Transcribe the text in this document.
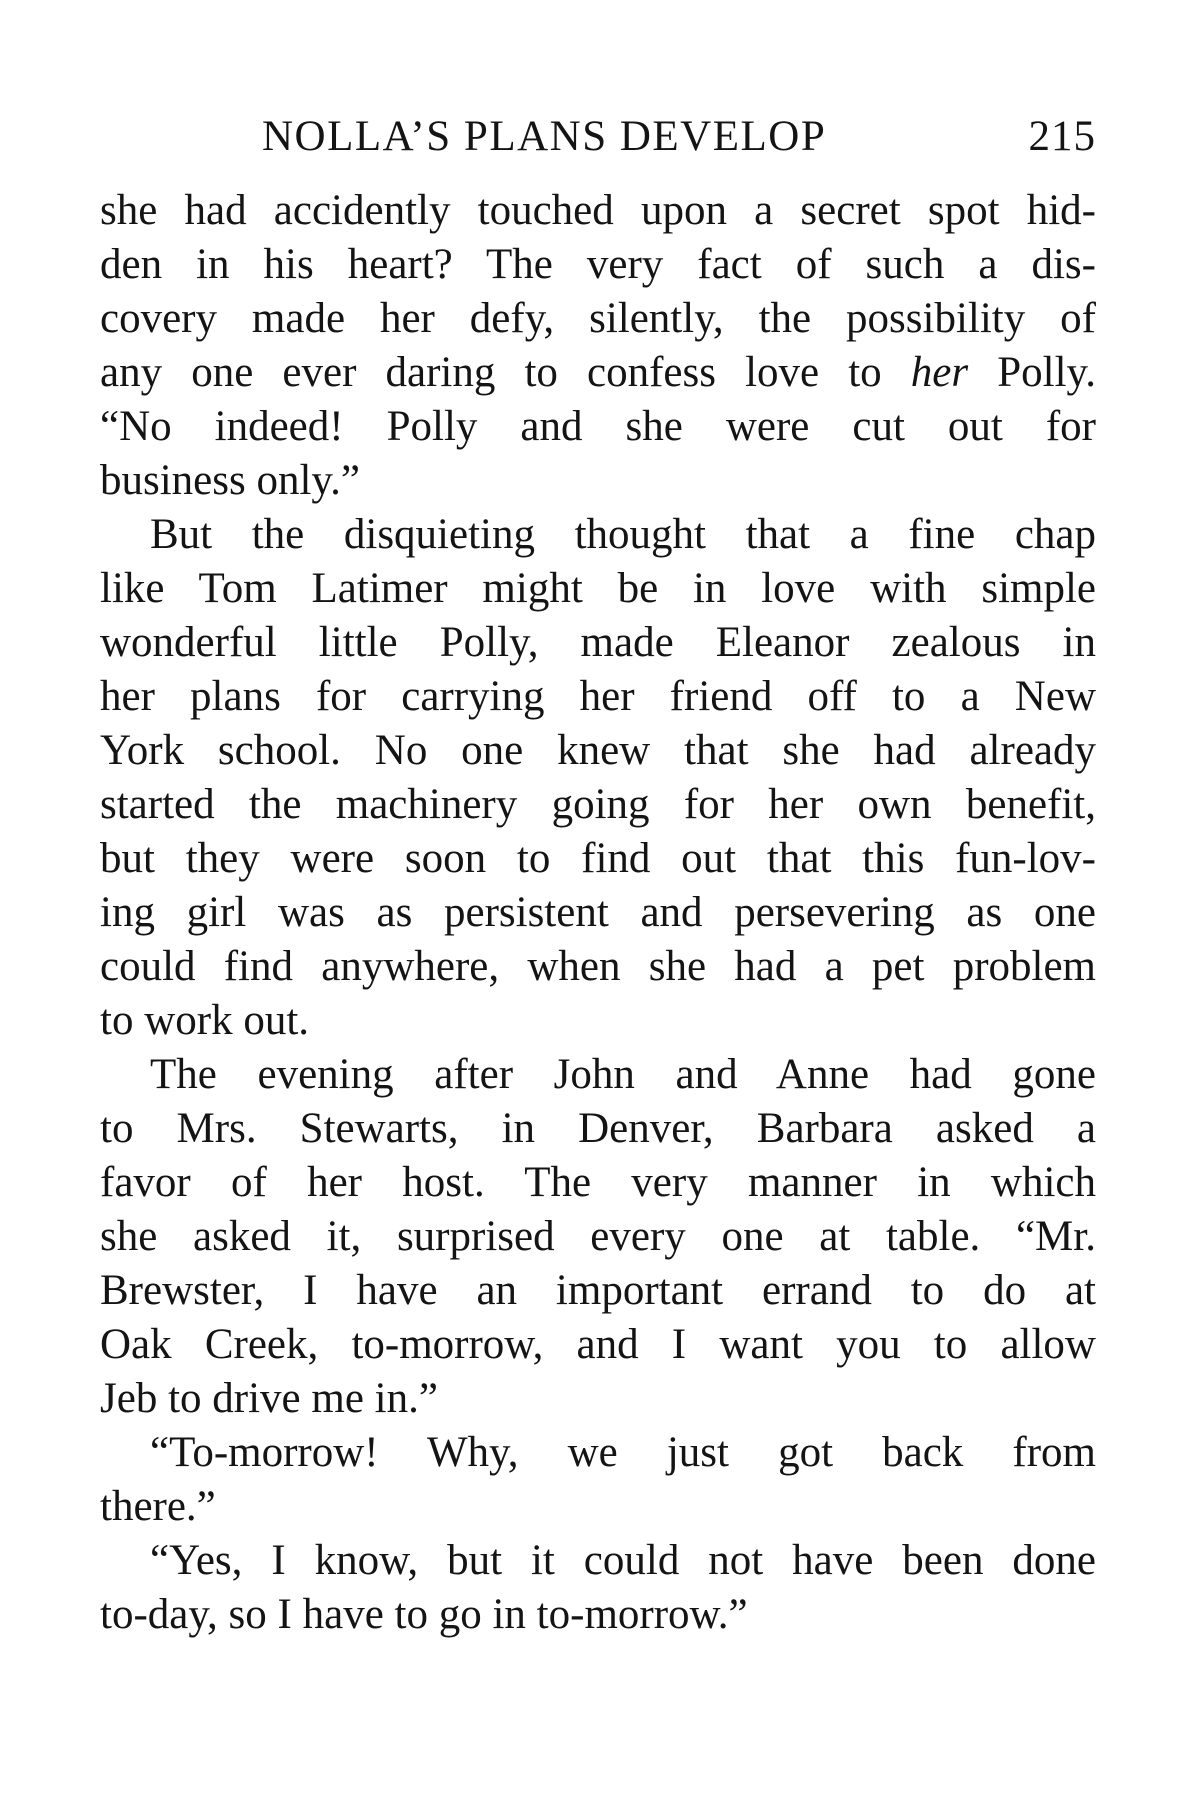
NOLLA’S PLANS DEVELOP	215
she had accidently touched upon a secret spot hid-
den in his heart? The very fact of such a dis-
covery made her defy, silently, the possibility of
any one ever daring to confess love to her Polly.
“No indeed! Polly and she were cut out for
business only.”
But the disquieting thought that a fine chap
like Tom Latimer might be in love with simple
wonderful little Polly, made Eleanor zealous in
her plans for carrying her friend off to a New
York school. No one knew that she had already
started the machinery going for her own benefit,
but they were soon to find out that this fun-lov-
ing girl was as persistent and persevering as one
could find anywhere, when she had a pet problem
to work out.
The evening after John and Anne had gone
to Mrs. Stewarts, in Denver, Barbara asked a
favor of her host. The very manner in which
she asked it, surprised every one at table. “Mr.
Brewster, I have an important errand to do at
Oak Creek, to-morrow, and I want you to allow
Jeb to drive me in.”
“To-morrow! Why, we just got back from
there.”
“Yes, I know, but it could not have been done
to-day, so I have to go in to-morrow.”
